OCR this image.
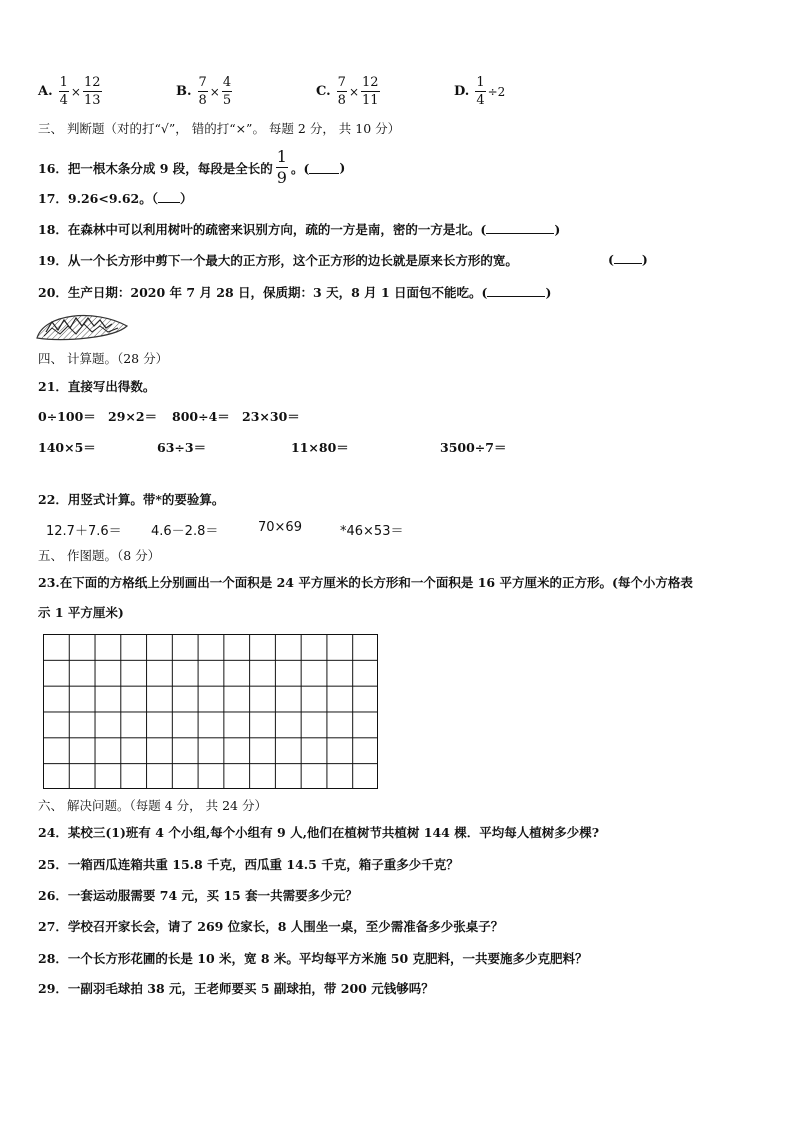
A. $\frac{1}{4} \times \frac{12}{13}$	B. $\frac{7}{8} \times \frac{4}{5}$	C. $\frac{7}{8} \times \frac{12}{11}$	D. $\frac{1}{4} \div 2$
三、 判断题（对的打“√”， 错的打“×”。 每题 2 分， 共 10 分）
16．把一根木条分成 9 段，每段是全长的 $\frac{1}{9}$ 。( )
17．9.26<9.62。（ ）
18．在森林中可以利用树叶的疏密来识别方向，疏的一方是南，密的一方是北。(	)
19．从一个长方形中剪下一个最大的正方形，这个正方形的边长就是原来长方形的宽。	( )
20．生产日期：2020 年 7 月 28 日，保质期：3 天，8 月 1 日面包不能吃。(	)
四、 计算题。（28 分）
21．直接写出得数。
0÷100＝ 29×2＝ 800÷4＝ 23×30＝
140×5＝	63÷3＝	11×80＝	3500÷7＝
22．用竖式计算。带*的要验算。
12.7＋7.6＝ 4.6－2.8＝	70×69	*46×53＝
五、 作图题。（8 分）
23.在下面的方格纸上分别画出一个面积是 24 平方厘米的长方形和一个面积是 16 平方厘米的正方形。(每个小方格表
示 1 平方厘米)
六、 解决问题。（每题 4 分， 共 24 分）
24．某校三(1)班有 4 个小组,每个小组有 9 人,他们在植树节共植树 144 棵．平均每人植树多少棵?
25．一箱西瓜连箱共重 15.8 千克，西瓜重 14.5 千克，箱子重多少千克？
26．一套运动服需要 74 元，买 15 套一共需要多少元？
27．学校召开家长会，请了 269 位家长，8 人围坐一桌，至少需准备多少张桌子？
28．一个长方形花圃的长是 10 米，宽 8 米。平均每平方米施 50 克肥料，一共要施多少克肥料？
29．一副羽毛球拍 38 元，王老师要买 5 副球拍，带 200 元钱够吗？
